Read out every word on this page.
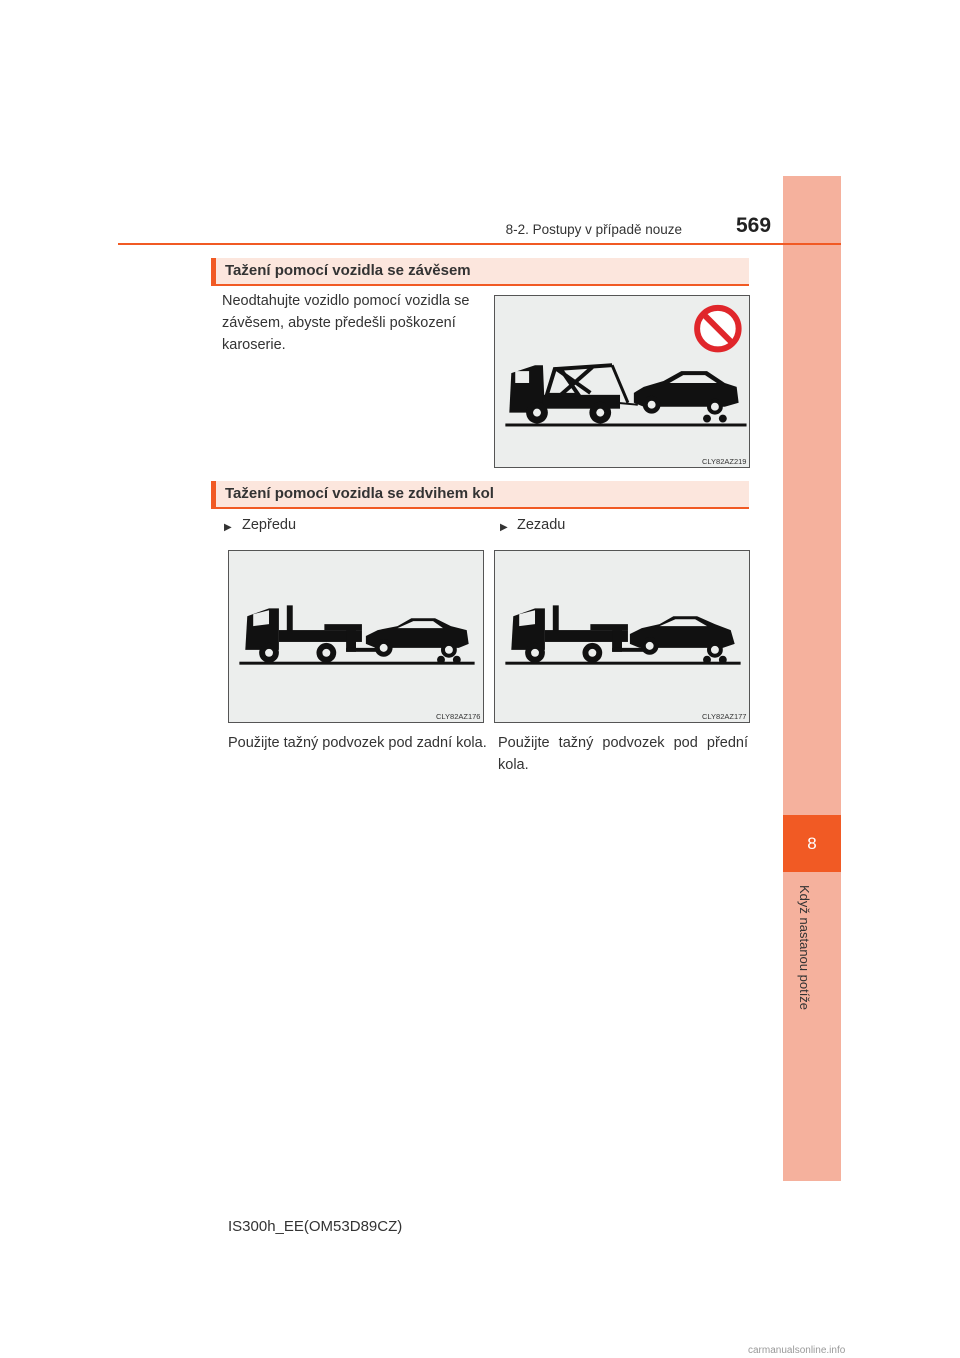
8
Když nastanou potíže
8-2. Postupy v případě nouze	569
Tažení pomocí vozidla se závěsem
Neodtahujte vozidlo pomocí vozidla se závěsem, abyste předešli poškození karoserie.
CLY82AZ219
Tažení pomocí vozidla se zdvihem kol
▶ Zepředu	▶ Zezadu
CLY82AZ176	CLY82AZ177
Použijte tažný podvozek pod zadní kola. Použijte tažný podvozek pod přední kola.
IS300h_EE(OM53D89CZ)
carmanualsonline.info
